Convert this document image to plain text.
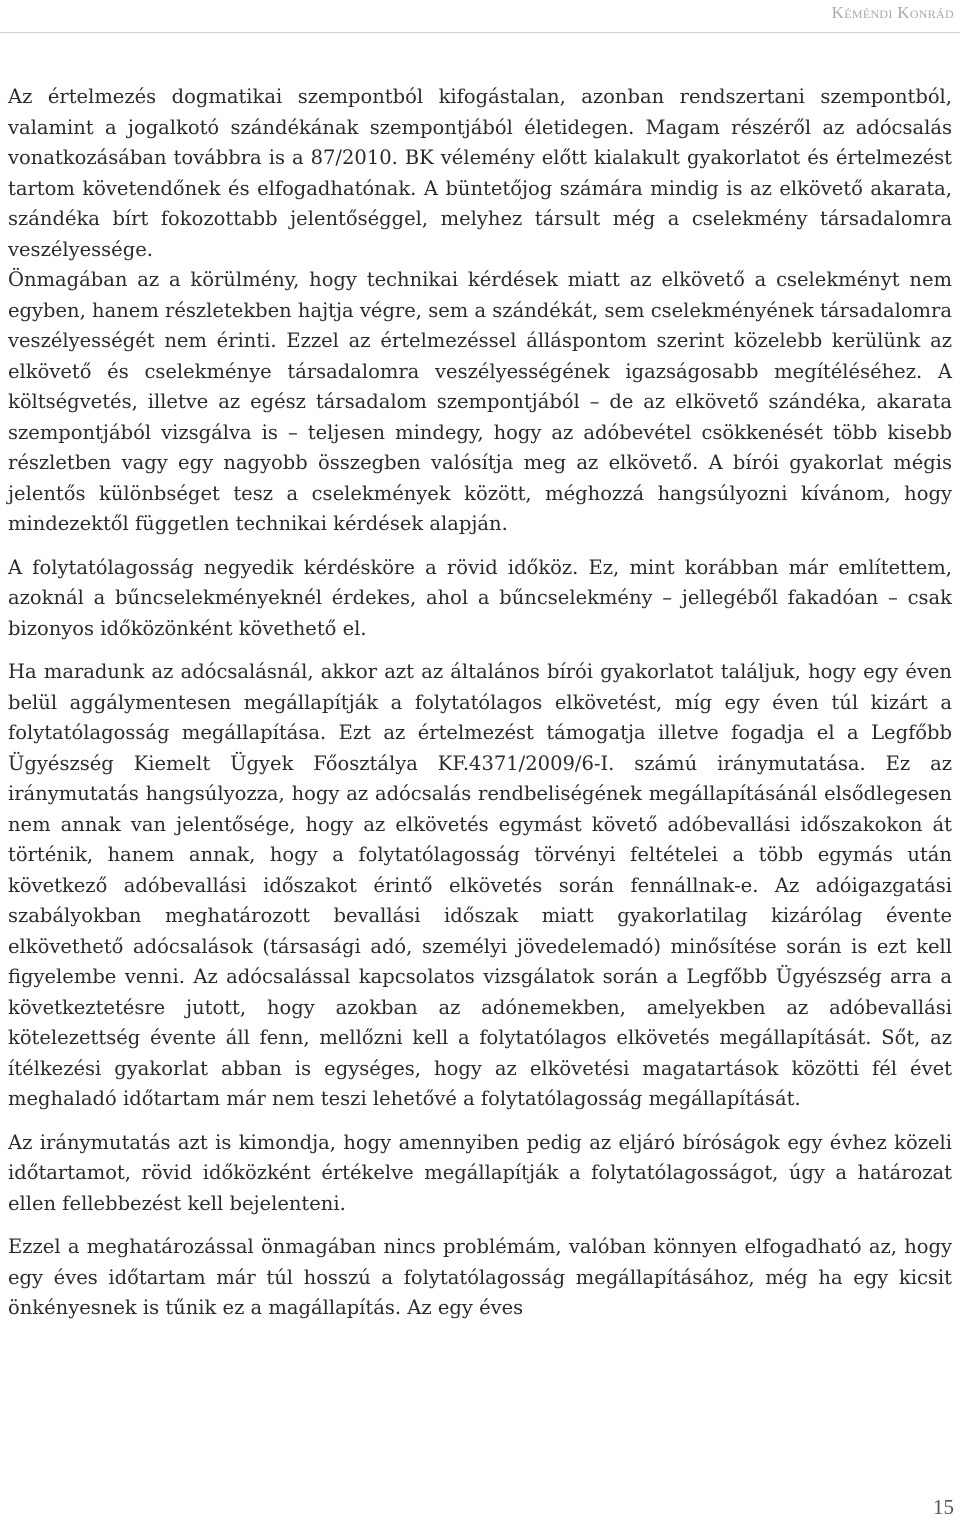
Kéméndi Konrád

Az értelmezés dogmatikai szempontból kifogástalan, azonban rendszertani szempontból, valamint a jogalkotó szándékának szempontjából életidegen. Magam részéről az adócsalás vonatkozásában továbbra is a 87/2010. BK vélemény előtt kialakult gyakorlatot és értelmezést tartom követendőnek és elfogadhatónak. A büntetőjog számára mindig is az elkövető akarata, szándéka bírt fokozottabb jelentőséggel, melyhez társult még a cselekmény társadalomra veszélyessége.

Önmagában az a körülmény, hogy technikai kérdések miatt az elkövető a cselekményt nem egyben, hanem részletekben hajtja végre, sem a szándékát, sem cselekményének társadalomra veszélyességét nem érinti. Ezzel az értelmezéssel álláspontom szerint közelebb kerülünk az elkövető és cselekménye társadalomra veszélyességének igazságosabb megítéléséhez. A költségvetés, illetve az egész társadalom szempontjából – de az elkövető szándéka, akarata szempontjából vizsgálva is – teljesen mindegy, hogy az adóbevétel csökkenését több kisebb részletben vagy egy nagyobb összegben valósítja meg az elkövető. A bírói gyakorlat mégis jelentős különbséget tesz a cselekmények között, méghozzá hangsúlyozni kívánom, hogy mindezektől független technikai kérdések alapján.

A folytatólagosság negyedik kérdésköre a rövid időköz. Ez, mint korábban már említettem, azoknál a bűncselekményeknél érdekes, ahol a bűncselekmény – jellegéből fakadóan – csak bizonyos időközönként követhető el.

Ha maradunk az adócsalásnál, akkor azt az általános bírói gyakorlatot találjuk, hogy egy éven belül aggálymentesen megállapítják a folytatólagos elkövetést, míg egy éven túl kizárt a folytatólagosság megállapítása. Ezt az értelmezést támogatja illetve fogadja el a Legfőbb Ügyészség Kiemelt Ügyek Főosztálya KF.4371/2009/6-I. számú iránymutatása. Ez az iránymutatás hangsúlyozza, hogy az adócsalás rendbeliségének megállapításánál elsődlegesen nem annak van jelentősége, hogy az elkövetés egymást követő adóbevallási időszakokon át történik, hanem annak, hogy a folytatólagosság törvényi feltételei a több egymás után következő adóbevallási időszakot érintő elkövetés során fennállnak-e. Az adóigazgatási szabályokban meghatározott bevallási időszak miatt gyakorlatilag kizárólag évente elkövethető adócsalások (társasági adó, személyi jövedelemadó) minősítése során is ezt kell figyelembe venni. Az adócsalással kapcsolatos vizsgálatok során a Legfőbb Ügyészség arra a következtetésre jutott, hogy azokban az adónemekben, amelyekben az adóbevallási kötelezettség évente áll fenn, mellőzni kell a folytatólagos elkövetés megállapítását. Sőt, az ítélkezési gyakorlat abban is egységes, hogy az elkövetési magatartások közötti fél évet meghaladó időtartam már nem teszi lehetővé a folytatólagosság megállapítását.

Az iránymutatás azt is kimondja, hogy amennyiben pedig az eljáró bíróságok egy évhez közeli időtartamot, rövid időközként értékelve megállapítják a folytatólagosságot, úgy a határozat ellen fellebbezést kell bejelenteni.

Ezzel a meghatározással önmagában nincs problémám, valóban könnyen elfogadható az, hogy egy éves időtartam már túl hosszú a folytatólagosság megállapításához, még ha egy kicsit önkényesnek is tűnik ez a magállapítás. Az egy éves

15
